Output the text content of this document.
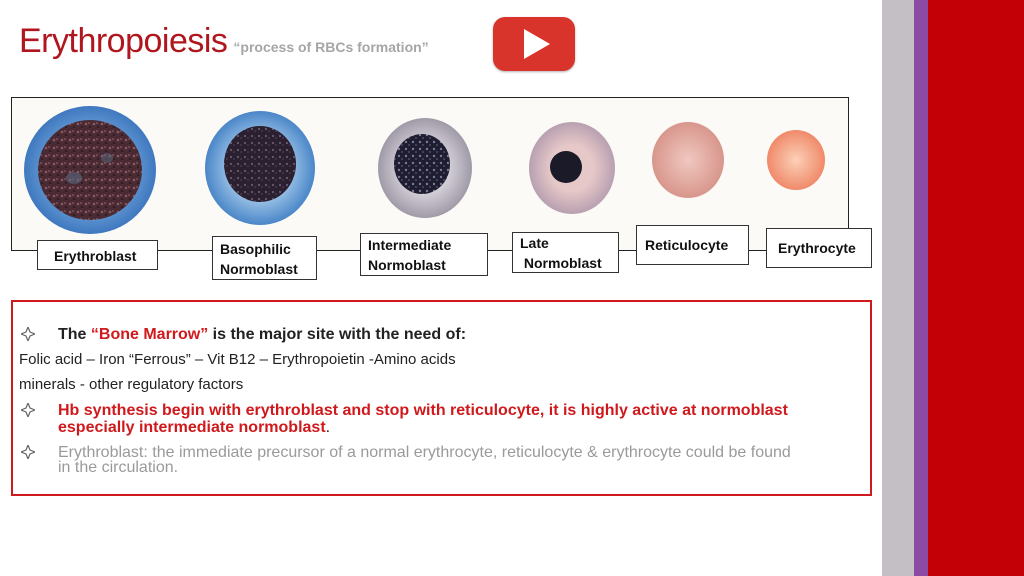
Erythropoiesis “process of RBCs formation”
Erythroblast	Basophilic
Normoblast
Intermediate
Normoblast
Late
Normoblast
Reticulocyte	Erythrocyte
The “Bone Marrow” is the major site with the need of:
Folic acid – Iron “Ferrous” – Vit B12 – Erythropoietin -Amino acids
minerals - other regulatory factors
Hb synthesis begin with erythroblast and stop with reticulocyte, it is highly active at normoblast
especially intermediate normoblast.
Erythroblast: the immediate precursor of a normal erythrocyte, reticulocyte & erythrocyte could be found
in the circulation.
